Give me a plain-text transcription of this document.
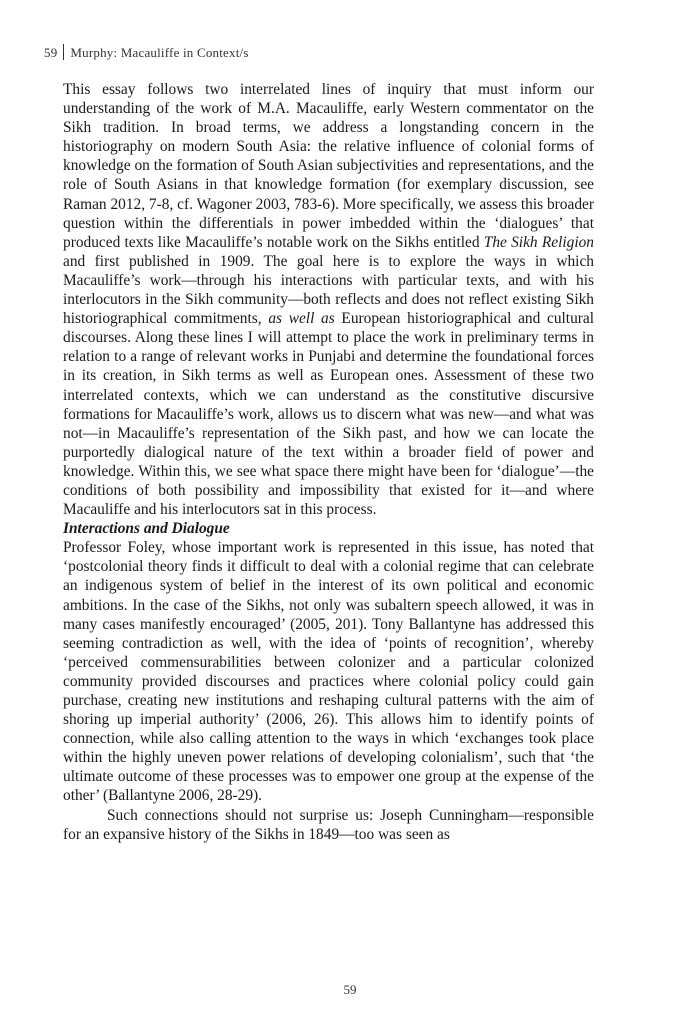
59 Murphy: Macauliffe in Context/s

This essay follows two interrelated lines of inquiry that must inform our understanding of the work of M.A. Macauliffe, early Western commentator on the Sikh tradition. In broad terms, we address a longstanding concern in the historiography on modern South Asia: the relative influence of colonial forms of knowledge on the formation of South Asian subjectivities and representations, and the role of South Asians in that knowledge formation (for exemplary discussion, see Raman 2012, 7-8, cf. Wagoner 2003, 783-6). More specifically, we assess this broader question within the differentials in power imbedded within the ‘dialogues’ that produced texts like Macauliffe’s notable work on the Sikhs entitled The Sikh Religion and first published in 1909. The goal here is to explore the ways in which Macauliffe’s work—through his interactions with particular texts, and with his interlocutors in the Sikh community—both reflects and does not reflect existing Sikh historiographical commitments, as well as European historiographical and cultural discourses. Along these lines I will attempt to place the work in preliminary terms in relation to a range of relevant works in Punjabi and determine the foundational forces in its creation, in Sikh terms as well as European ones. Assessment of these two interrelated contexts, which we can understand as the constitutive discursive formations for Macauliffe’s work, allows us to discern what was new—and what was not—in Macauliffe’s representation of the Sikh past, and how we can locate the purportedly dialogical nature of the text within a broader field of power and knowledge. Within this, we see what space there might have been for ‘dialogue’—the conditions of both possibility and impossibility that existed for it—and where Macauliffe and his interlocutors sat in this process.

Interactions and Dialogue

Professor Foley, whose important work is represented in this issue, has noted that ‘postcolonial theory finds it difficult to deal with a colonial regime that can celebrate an indigenous system of belief in the interest of its own political and economic ambitions. In the case of the Sikhs, not only was subaltern speech allowed, it was in many cases manifestly encouraged’ (2005, 201). Tony Ballantyne has addressed this seeming contradiction as well, with the idea of ‘points of recognition’, whereby ‘perceived commensurabilities between colonizer and a particular colonized community provided discourses and practices where colonial policy could gain purchase, creating new institutions and reshaping cultural patterns with the aim of shoring up imperial authority’ (2006, 26). This allows him to identify points of connection, while also calling attention to the ways in which ‘exchanges took place within the highly uneven power relations of developing colonialism’, such that ‘the ultimate outcome of these processes was to empower one group at the expense of the other’ (Ballantyne 2006, 28-29).

Such connections should not surprise us: Joseph Cunningham—responsible for an expansive history of the Sikhs in 1849—too was seen as

59
